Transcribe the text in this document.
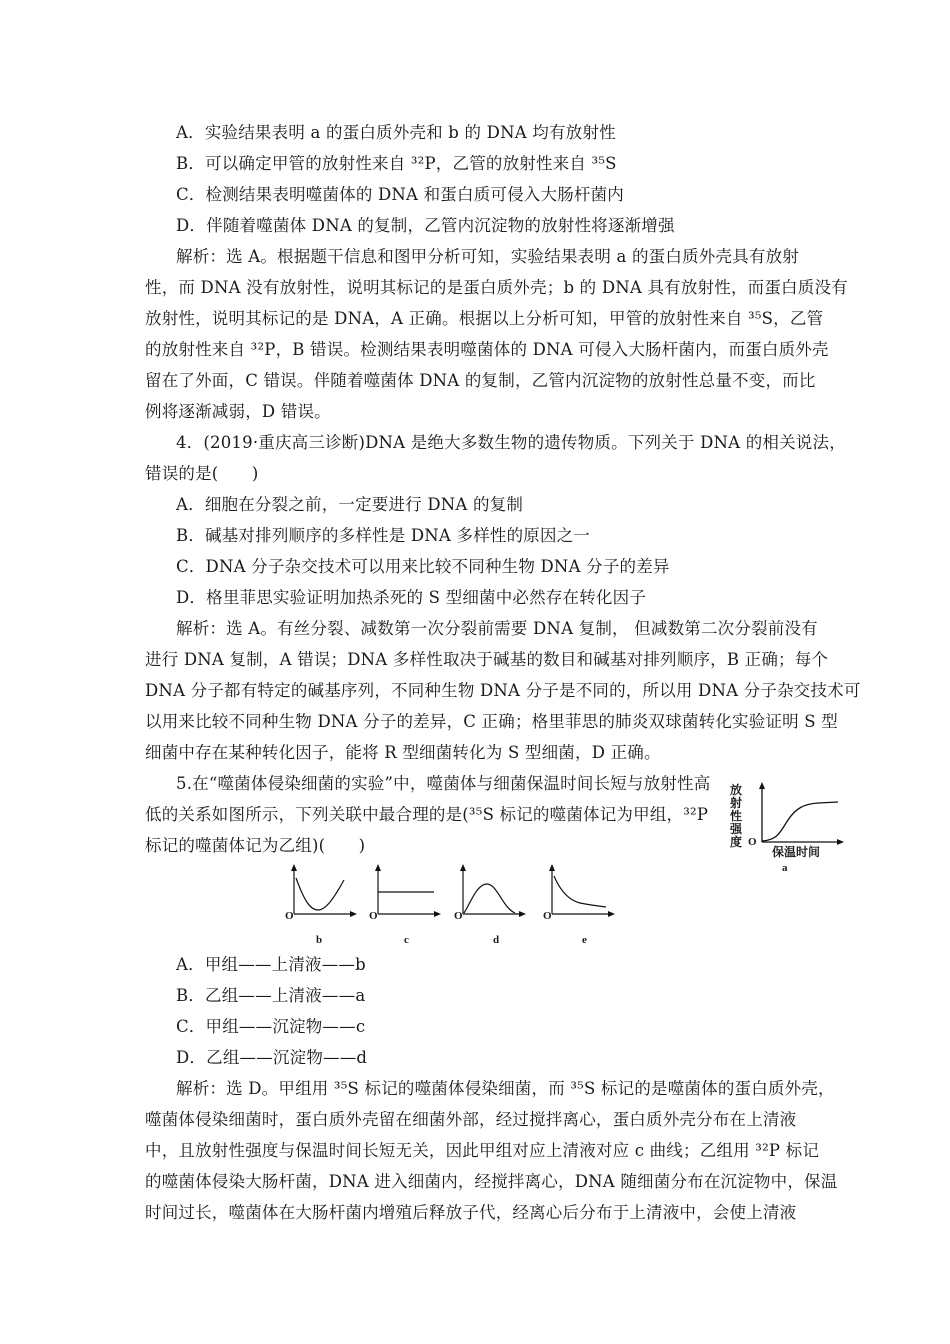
A．实验结果表明 a 的蛋白质外壳和 b 的 DNA 均有放射性
B．可以确定甲管的放射性来自 ³²P，乙管的放射性来自 ³⁵S
C．检测结果表明噬菌体的 DNA 和蛋白质可侵入大肠杆菌内
D．伴随着噬菌体 DNA 的复制，乙管内沉淀物的放射性将逐渐增强
解析：选 A。根据题干信息和图甲分析可知，实验结果表明 a 的蛋白质外壳具有放射
性，而 DNA 没有放射性，说明其标记的是蛋白质外壳；b 的 DNA 具有放射性，而蛋白质没有
放射性，说明其标记的是 DNA，A 正确。根据以上分析可知，甲管的放射性来自 ³⁵S，乙管
的放射性来自 ³²P，B 错误。检测结果表明噬菌体的 DNA 可侵入大肠杆菌内，而蛋白质外壳
留在了外面，C 错误。伴随着噬菌体 DNA 的复制，乙管内沉淀物的放射性总量不变，而比
例将逐渐减弱，D 错误。
4．(2019·重庆高三诊断)DNA 是绝大多数生物的遗传物质。下列关于 DNA 的相关说法，
错误的是(　　)
A．细胞在分裂之前，一定要进行 DNA 的复制
B．碱基对排列顺序的多样性是 DNA 多样性的原因之一
C．DNA 分子杂交技术可以用来比较不同种生物 DNA 分子的差异
D．格里菲思实验证明加热杀死的 S 型细菌中必然存在转化因子
解析：选 A。有丝分裂、减数第一次分裂前需要 DNA 复制， 但减数第二次分裂前没有
进行 DNA 复制，A 错误；DNA 多样性取决于碱基的数目和碱基对排列顺序，B 正确；每个
DNA 分子都有特定的碱基序列，不同种生物 DNA 分子是不同的，所以用 DNA 分子杂交技术可
以用来比较不同种生物 DNA 分子的差异，C 正确；格里菲思的肺炎双球菌转化实验证明 S 型
细菌中存在某种转化因子，能将 R 型细菌转化为 S 型细菌，D 正确。
5.在“噬菌体侵染细菌的实验”中，噬菌体与细菌保温时间长短与放射性高
低的关系如图所示，下列关联中最合理的是(³⁵S 标记的噬菌体记为甲组，³²P
标记的噬菌体记为乙组)(　　)
放射性强度 O
保温时间
a
O
b
O
c
O
d
O
e
A．甲组——上清液——b
B．乙组——上清液——a
C．甲组——沉淀物——c
D．乙组——沉淀物——d
解析：选 D。甲组用 ³⁵S 标记的噬菌体侵染细菌，而 ³⁵S 标记的是噬菌体的蛋白质外壳，
噬菌体侵染细菌时，蛋白质外壳留在细菌外部，经过搅拌离心，蛋白质外壳分布在上清液
中，且放射性强度与保温时间长短无关，因此甲组对应上清液对应 c 曲线；乙组用 ³²P 标记
的噬菌体侵染大肠杆菌，DNA 进入细菌内，经搅拌离心，DNA 随细菌分布在沉淀物中，保温
时间过长，噬菌体在大肠杆菌内增殖后释放子代，经离心后分布于上清液中，会使上清液
